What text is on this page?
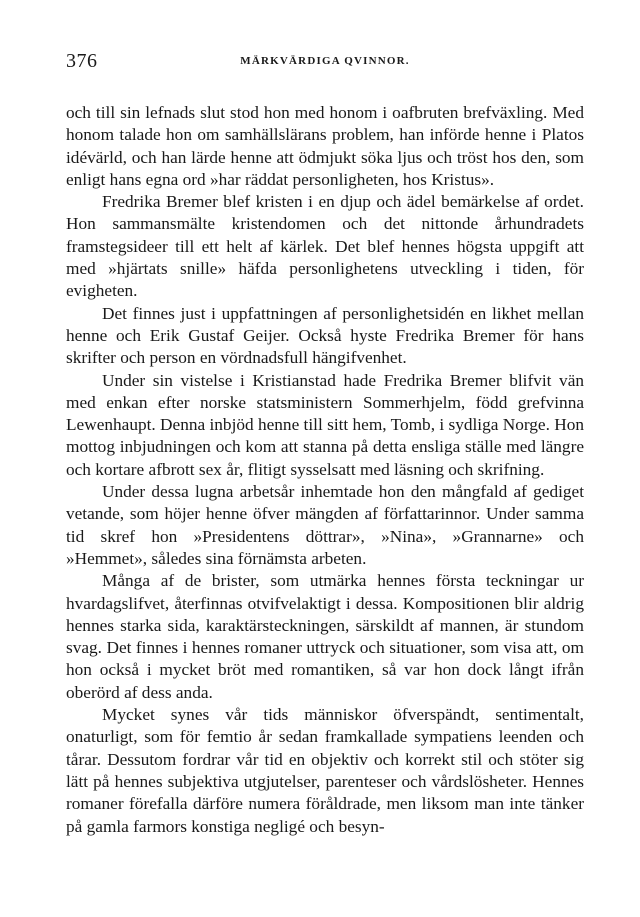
376	MÄRKVÄRDIGA QVINNOR.

och till sin lefnads slut stod hon med honom i oafbruten brefväxling. Med honom talade hon om samhällslärans problem, han införde henne i Platos idévärld, och han lärde henne att ödmjukt söka ljus och tröst hos den, som enligt hans egna ord »har räddat personligheten, hos Kristus».

Fredrika Bremer blef kristen i en djup och ädel bemärkelse af ordet. Hon sammansmälte kristendomen och det nittonde århundradets framstegsideer till ett helt af kärlek. Det blef hennes högsta uppgift att med »hjärtats snille» häfda personlighetens utveckling i tiden, för evigheten.

Det finnes just i uppfattningen af personlighetsidén en likhet mellan henne och Erik Gustaf Geijer. Också hyste Fredrika Bremer för hans skrifter och person en vördnadsfull hängifvenhet.

Under sin vistelse i Kristianstad hade Fredrika Bremer blifvit vän med enkan efter norske statsministern Sommerhjelm, född grefvinna Lewenhaupt. Denna inbjöd henne till sitt hem, Tomb, i sydliga Norge. Hon mottog inbjudningen och kom att stanna på detta ensliga ställe med längre och kortare afbrott sex år, flitigt sysselsatt med läsning och skrifning.

Under dessa lugna arbetsår inhemtade hon den mångfald af gediget vetande, som höjer henne öfver mängden af författarinnor. Under samma tid skref hon »Presidentens döttrar», »Nina», »Grannarne» och »Hemmet», således sina förnämsta arbeten.

Många af de brister, som utmärka hennes första teckningar ur hvardagslifvet, återfinnas otvifvelaktigt i dessa. Kompositionen blir aldrig hennes starka sida, karaktärsteckningen, särskildt af mannen, är stundom svag. Det finnes i hennes romaner uttryck och situationer, som visa att, om hon också i mycket bröt med romantiken, så var hon dock långt ifrån oberörd af dess anda.

Mycket synes vår tids människor öfverspändt, sentimentalt, onaturligt, som för femtio år sedan framkallade sympatiens leenden och tårar. Dessutom fordrar vår tid en objektiv och korrekt stil och stöter sig lätt på hennes subjektiva utgjutelser, parenteser och vårdslösheter. Hennes romaner förefalla därföre numera föråldrade, men liksom man inte tänker på gamla farmors konstiga negligé och besyn-
